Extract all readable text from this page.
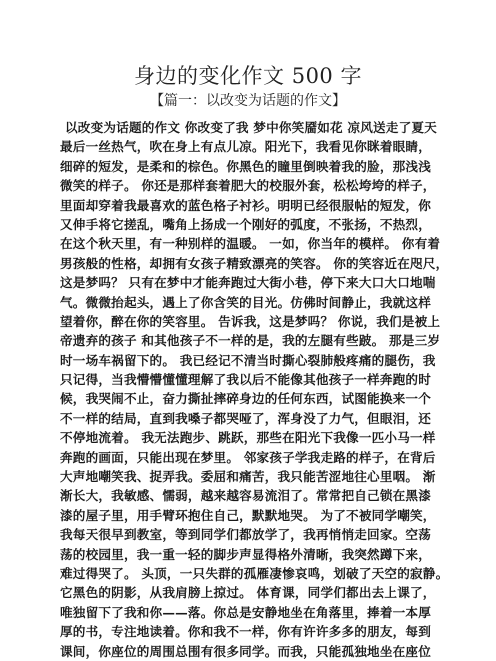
身边的变化作文 500 字

【篇一：以改变为话题的作文】

以改变为话题的作文 你改变了我 梦中你笑靥如花 凉风送走了夏天
最后一丝热气，吹在身上有点儿凉。阳光下，我看见你眯着眼睛，
细碎的短发，是柔和的棕色。你黑色的瞳里倒映着我的脸，那浅浅
微笑的样子。 你还是那样套着肥大的校服外套，松松垮垮的样子，
里面却穿着我最喜欢的蓝色格子衬衫。明明已经很服帖的短发，你
又伸手将它搓乱，嘴角上扬成一个刚好的弧度，不张扬，不热烈，
在这个秋天里，有一种别样的温暖。 一如，你当年的模样。 你有着
男孩般的性格，却拥有女孩子精致漂亮的笑容。 你的笑容近在咫尺，
这是梦吗？ 只有在梦中才能奔跑过大街小巷，停下来大口大口地喘
气。微微抬起头，遇上了你含笑的目光。仿佛时间静止，我就这样
望着你，醉在你的笑容里。 告诉我，这是梦吗？ 你说，我们是被上
帝遗弃的孩子 和其他孩子不一样的是，我的左腿有些跛。 那是三岁
时一场车祸留下的。 我已经记不清当时撕心裂肺般疼痛的腿伤，我
只记得，当我懵懵懂懂理解了我以后不能像其他孩子一样奔跑的时
候，我哭闹不止，奋力撕扯摔碎身边的任何东西，试图能换来一个
不一样的结局，直到我嗓子都哭哑了，浑身没了力气，但眼泪，还
不停地流着。 我无法跑步、跳跃，那些在阳光下我像一匹小马一样
奔跑的画面，只能出现在梦里。 邻家孩子学我走路的样子，在背后
大声地嘲笑我、捉弄我。委屈和痛苦，我只能苦涩地往心里咽。 渐
渐长大，我敏感、懦弱，越来越容易流泪了。常常把自己锁在黑漆
漆的屋子里，用手臂环抱住自己，默默地哭。 为了不被同学嘲笑，
我每天很早到教室，等到同学们都放学了，我再悄悄走回家。空荡
荡的校园里，我一重一轻的脚步声显得格外清晰，我突然蹲下来，
难过得哭了。 头顶，一只失群的孤雁凄惨哀鸣，划破了天空的寂静。
它黑色的阴影，从我肩膀上掠过。 体育课，同学们都出去上课了，
唯独留下了我和你——落。你总是安静地坐在角落里，捧着一本厚
厚的书，专注地读着。你和我不一样，你有许许多多的朋友，每到
课间，你座位的周围总围有很多同学。而我，只能孤独地坐在座位
